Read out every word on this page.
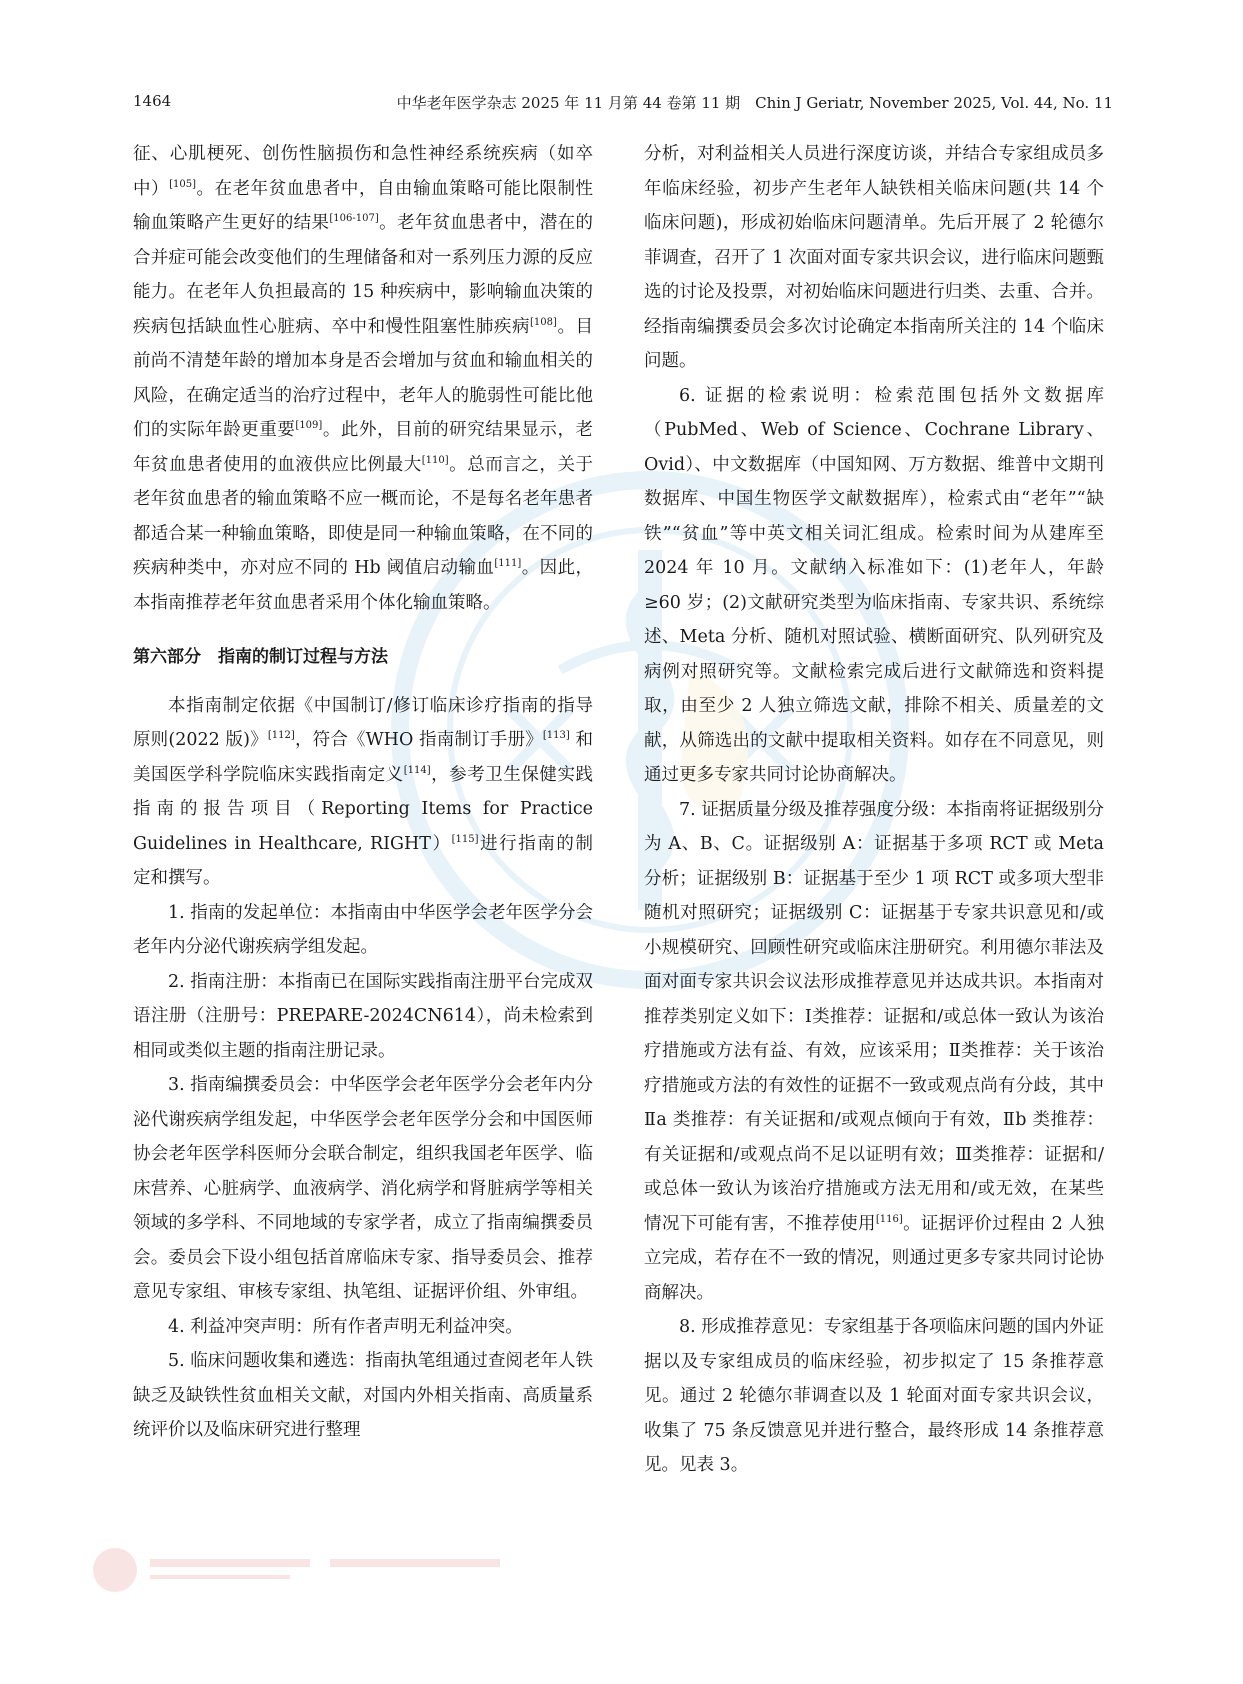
1464	中华老年医学杂志 2025 年 11 月第 44 卷第 11 期　Chin J Geriatr, November 2025, Vol. 44, No. 11

征、心肌梗死、创伤性脑损伤和急性神经系统疾病（如卒中）[105]。在老年贫血患者中，自由输血策略可能比限制性输血策略产生更好的结果[106-107]。老年贫血患者中，潜在的合并症可能会改变他们的生理储备和对一系列压力源的反应能力。在老年人负担最高的 15 种疾病中，影响输血决策的疾病包括缺血性心脏病、卒中和慢性阻塞性肺疾病[108]。目前尚不清楚年龄的增加本身是否会增加与贫血和输血相关的风险，在确定适当的治疗过程中，老年人的脆弱性可能比他们的实际年龄更重要[109]。此外，目前的研究结果显示，老年贫血患者使用的血液供应比例最大[110]。总而言之，关于老年贫血患者的输血策略不应一概而论，不是每名老年患者都适合某一种输血策略，即使是同一种输血策略，在不同的疾病种类中，亦对应不同的 Hb 阈值启动输血[111]。因此，本指南推荐老年贫血患者采用个体化输血策略。

第六部分　指南的制订过程与方法

本指南制定依据《中国制订/修订临床诊疗指南的指导原则(2022 版)》[112]，符合《WHO 指南制订手册》[113] 和美国医学科学院临床实践指南定义[114]，参考卫生保健实践指南的报告项目（Reporting Items for Practice Guidelines in Healthcare, RIGHT）[115]进行指南的制定和撰写。

1. 指南的发起单位：本指南由中华医学会老年医学分会老年内分泌代谢疾病学组发起。

2. 指南注册：本指南已在国际实践指南注册平台完成双语注册（注册号：PREPARE-2024CN614），尚未检索到相同或类似主题的指南注册记录。

3. 指南编撰委员会：中华医学会老年医学分会老年内分泌代谢疾病学组发起，中华医学会老年医学分会和中国医师协会老年医学科医师分会联合制定，组织我国老年医学、临床营养、心脏病学、血液病学、消化病学和肾脏病学等相关领域的多学科、不同地域的专家学者，成立了指南编撰委员会。委员会下设小组包括首席临床专家、指导委员会、推荐意见专家组、审核专家组、执笔组、证据评价组、外审组。

4. 利益冲突声明：所有作者声明无利益冲突。

5. 临床问题收集和遴选：指南执笔组通过查阅老年人铁缺乏及缺铁性贫血相关文献，对国内外相关指南、高质量系统评价以及临床研究进行整理

分析，对利益相关人员进行深度访谈，并结合专家组成员多年临床经验，初步产生老年人缺铁相关临床问题(共 14 个临床问题)，形成初始临床问题清单。先后开展了 2 轮德尔菲调查，召开了 1 次面对面专家共识会议，进行临床问题甄选的讨论及投票，对初始临床问题进行归类、去重、合并。经指南编撰委员会多次讨论确定本指南所关注的 14 个临床问题。

6. 证据的检索说明：检索范围包括外文数据库（PubMed、Web of Science、Cochrane Library、Ovid）、中文数据库（中国知网、万方数据、维普中文期刊数据库、中国生物医学文献数据库），检索式由“老年”“缺铁”“贫血”等中英文相关词汇组成。检索时间为从建库至 2024 年 10 月。文献纳入标准如下：(1)老年人，年龄≥60 岁；(2)文献研究类型为临床指南、专家共识、系统综述、Meta 分析、随机对照试验、横断面研究、队列研究及病例对照研究等。文献检索完成后进行文献筛选和资料提取，由至少 2 人独立筛选文献，排除不相关、质量差的文献，从筛选出的文献中提取相关资料。如存在不同意见，则通过更多专家共同讨论协商解决。

7. 证据质量分级及推荐强度分级：本指南将证据级别分为 A、B、C。证据级别 A：证据基于多项 RCT 或 Meta 分析；证据级别 B：证据基于至少 1 项 RCT 或多项大型非随机对照研究；证据级别 C：证据基于专家共识意见和/或小规模研究、回顾性研究或临床注册研究。利用德尔菲法及面对面专家共识会议法形成推荐意见并达成共识。本指南对推荐类别定义如下：Ⅰ类推荐：证据和/或总体一致认为该治疗措施或方法有益、有效，应该采用；Ⅱ类推荐：关于该治疗措施或方法的有效性的证据不一致或观点尚有分歧，其中Ⅱa 类推荐：有关证据和/或观点倾向于有效，Ⅱb 类推荐：有关证据和/或观点尚不足以证明有效；Ⅲ类推荐：证据和/或总体一致认为该治疗措施或方法无用和/或无效，在某些情况下可能有害，不推荐使用[116]。证据评价过程由 2 人独立完成，若存在不一致的情况，则通过更多专家共同讨论协商解决。

8. 形成推荐意见：专家组基于各项临床问题的国内外证据以及专家组成员的临床经验，初步拟定了 15 条推荐意见。通过 2 轮德尔菲调查以及 1 轮面对面专家共识会议，收集了 75 条反馈意见并进行整合，最终形成 14 条推荐意见。见表 3。
